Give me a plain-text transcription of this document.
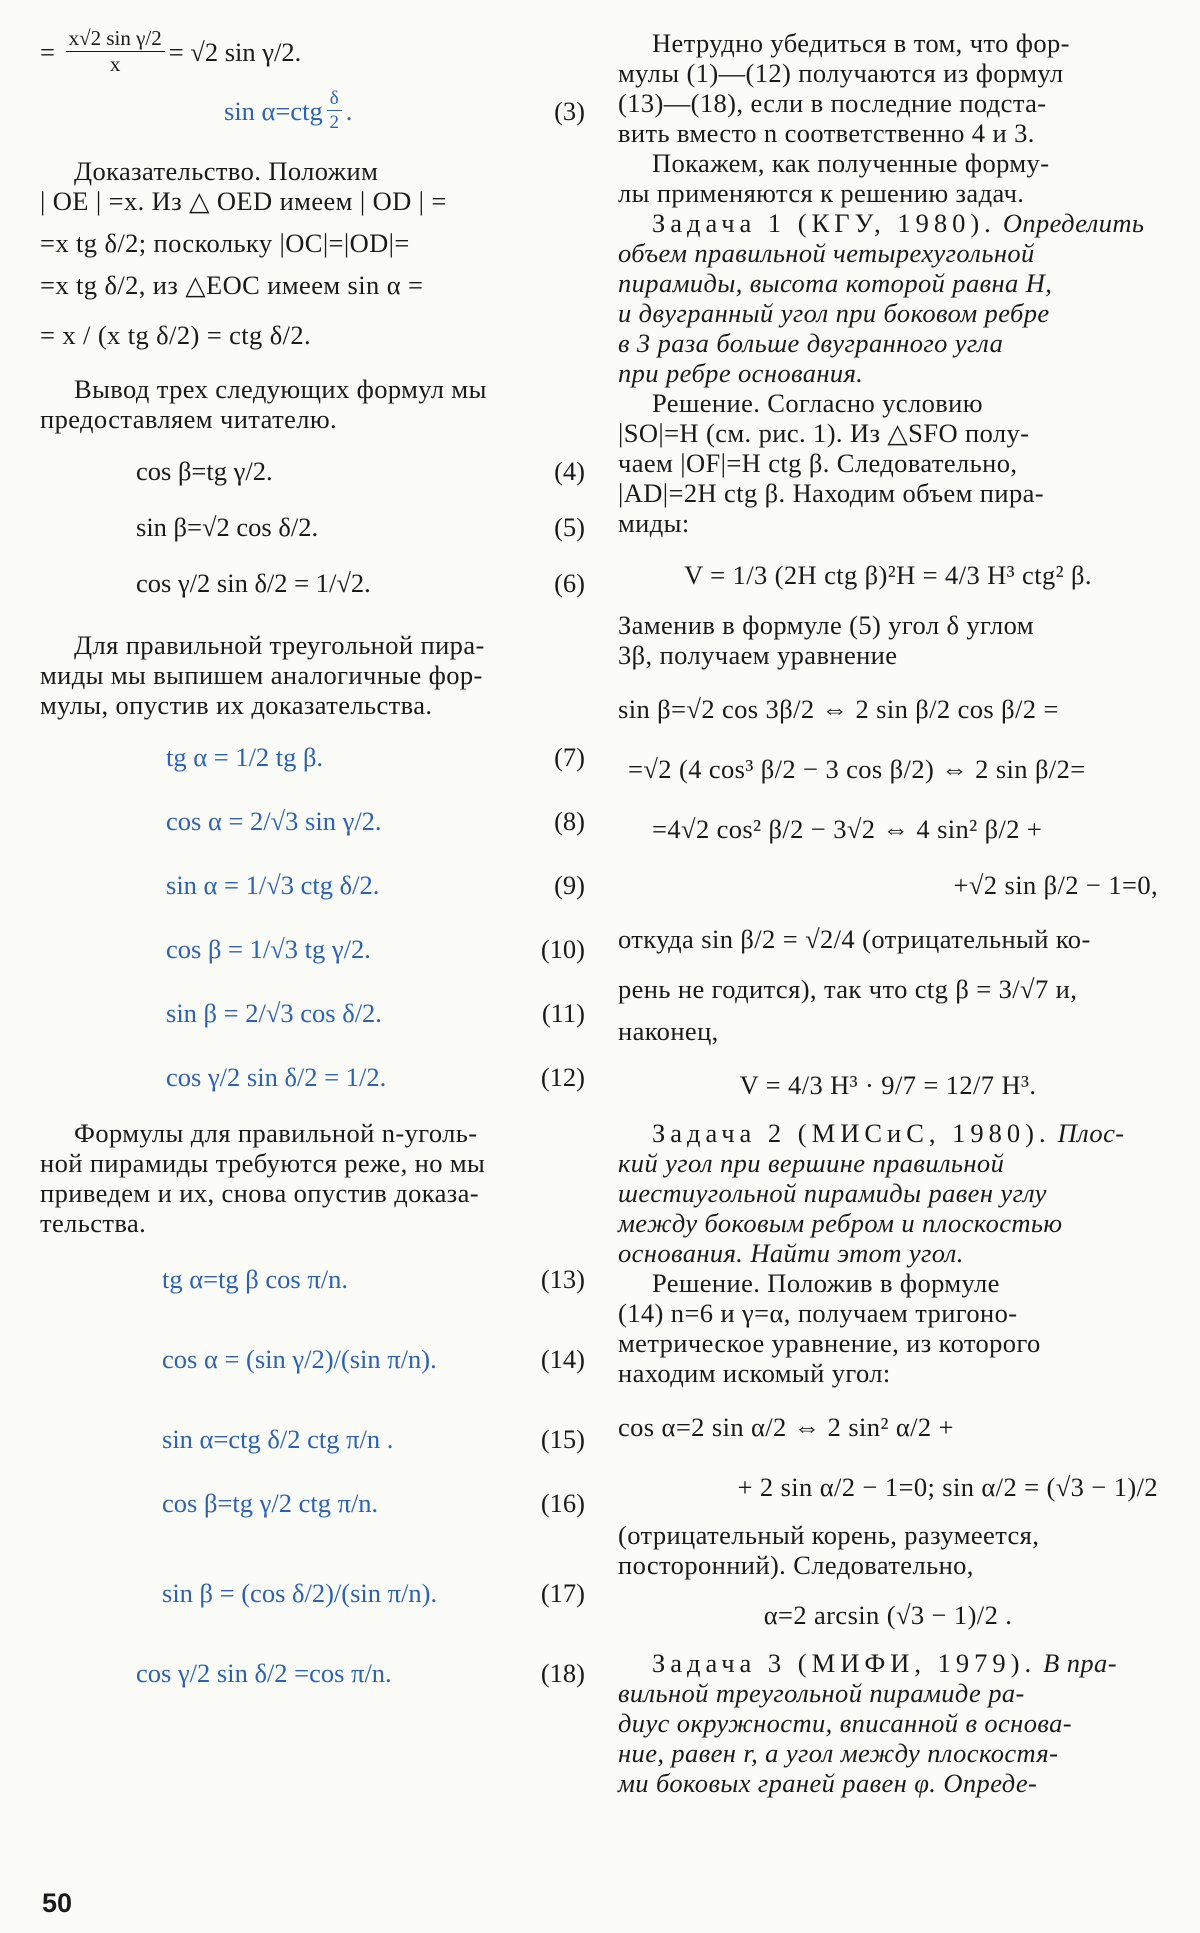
= $\frac{\text{x√2 sin γ/2}}{x} = √2$ sin γ/2.
$\sin \alpha=ctg \frac{\delta}{2}$ .	(3)
Доказательство. Положим
| OE | =x. Из △ OED имеем | OD | =
=x tg δ/2; поскольку |OC|=|OD|=
=x tg δ/2, из △EOC имеем sin α =
= x / (x tg δ/2) = ctg δ/2.
Вывод трех следующих формул мы
предоставляем читателю.
cos β=tg γ/2.	(4)
sin β=√2 cos δ/2.	(5)
cos γ/2 sin δ/2 = 1/√2.	(6)
Для правильной треугольной пира-
миды мы выпишем аналогичные фор-
мулы, опустив их доказательства.
tg α = 1/2 tg β.	(7)
cos α = 2/√3 sin γ/2.	(8)
sin α = 1/√3 ctg δ/2.	(9)
cos β = 1/√3 tg γ/2.	(10)
sin β = 2/√3 cos δ/2.	(11)
cos γ/2 sin δ/2 = 1/2.	(12)
Формулы для правильной n-уголь-
ной пирамиды требуются реже, но мы
приведем и их, снова опустив доказа-
тельства.
tg α=tg β cos π/n.	(13)
cos α = (sin γ/2)/(sin π/n).	(14)
sin α=ctg δ/2 ctg π/n .	(15)
cos β=tg γ/2 ctg π/n.	(16)
sin β = (cos δ/2)/(sin π/n).	(17)
cos γ/2 sin δ/2 =cos π/n.	(18)
Нетрудно убедиться в том, что фор-
мулы (1)—(12) получаются из формул
(13)—(18), если в последние подста-
вить вместо n соответственно 4 и 3.
Покажем, как полученные форму-
лы применяются к решению задач.
Задача 1 (КГУ, 1980). Определить
объем правильной четырехугольной
пирамиды, высота которой равна H,
и двугранный угол при боковом ребре
в 3 раза больше двугранного угла
при ребре основания.
Решение. Согласно условию
|SO|=H (см. рис. 1). Из △SFO полу-
чаем |OF|=H ctg β. Следовательно,
|AD|=2H ctg β. Находим объем пира-
миды:
V = 1/3 (2H ctg β)²H = 4/3 H³ ctg² β.
Заменив в формуле (5) угол δ углом
3β, получаем уравнение
sin β=√2 cos 3β/2 ⇔ 2 sin β/2 cos β/2 =
=√2 (4 cos³ β/2 − 3 cos β/2) ⇔ 2 sin β/2=
=4√2 cos² β/2 − 3√2 ⇔ 4 sin² β/2 +
+√2 sin β/2 − 1=0,
откуда sin β/2 = √2/4 (отрицательный ко-
рень не годится), так что ctg β = 3/√7 и,
наконец,
V = 4/3 H³ · 9/7 = 12/7 H³.
Задача 2 (МИСиС, 1980). Плос-
кий угол при вершине правильной
шестиугольной пирамиды равен углу
между боковым ребром и плоскостью
основания. Найти этот угол.
Решение. Положив в формуле
(14) n=6 и γ=α, получаем тригоно-
метрическое уравнение, из которого
находим искомый угол:
cos α=2 sin α/2 ⇔ 2 sin² α/2 +
+ 2 sin α/2 − 1=0; sin α/2 = (√3 − 1)/2
(отрицательный корень, разумеется,
посторонний). Следовательно,
α=2 arcsin (√3 − 1)/2 .
Задача 3 (МИФИ, 1979). В пра-
вильной треугольной пирамиде ра-
диус окружности, вписанной в основа-
ние, равен r, а угол между плоскостя-
ми боковых граней равен φ. Опреде-
50
